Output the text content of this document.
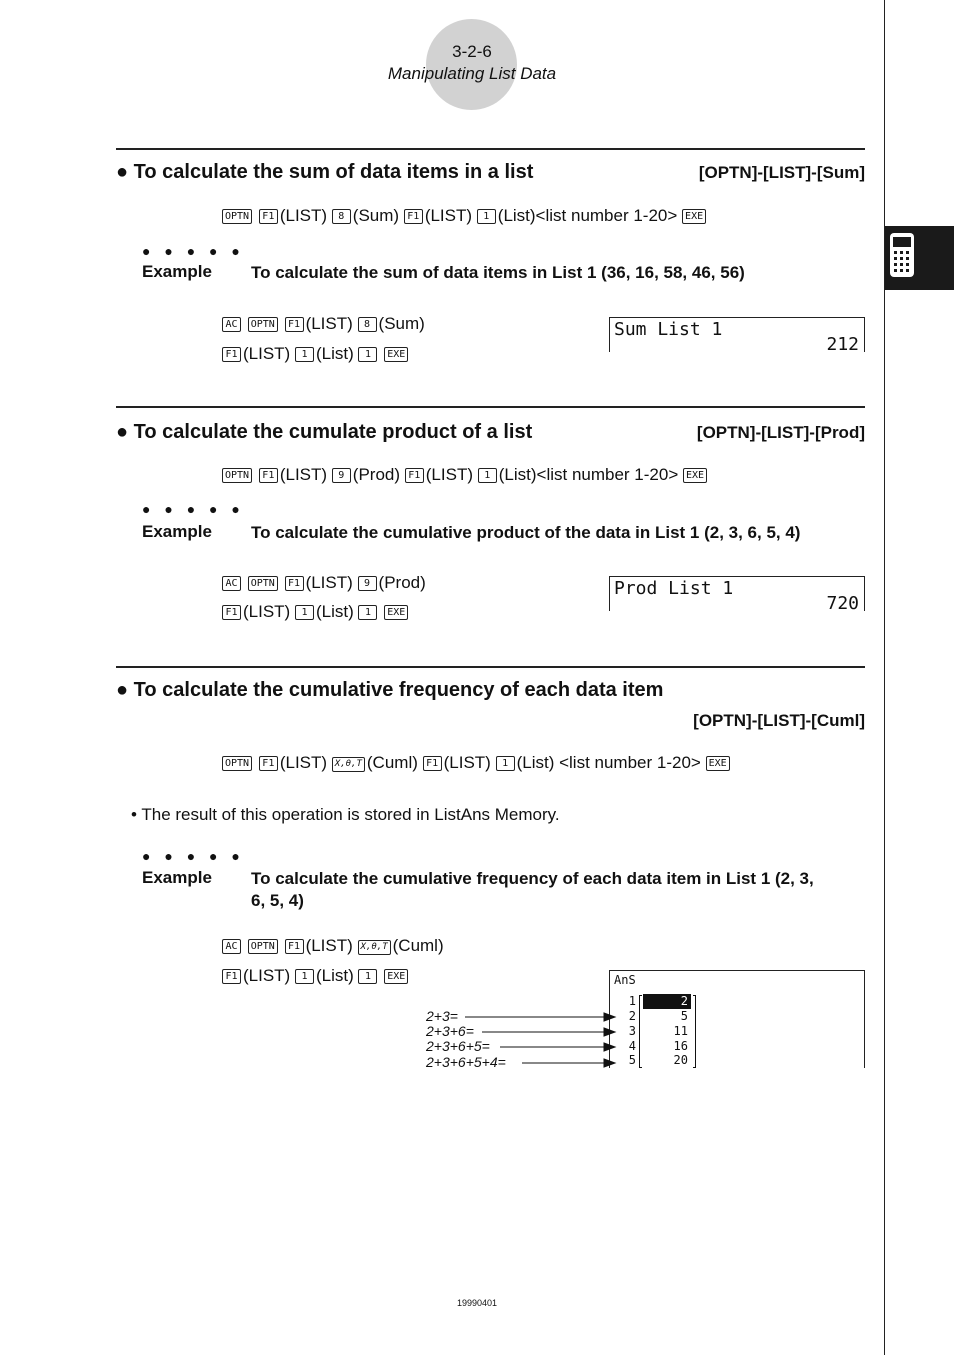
3-2-6
Manipulating List Data
● To calculate the sum of data items in a list	[OPTN]-[LIST]-[Sum]
OPTN F1 (LIST) 8 (Sum) F1 (LIST) 1 (List)<list number 1-20> EXE
● ● ● ● ●
Example To calculate the sum of data items in List 1 (36, 16, 58, 46, 56)
AC OPTN F1 (LIST) 8 (Sum)
F1 (LIST) 1 (List) 1 EXE
Sum List 1
212
● To calculate the cumulate product of a list	[OPTN]-[LIST]-[Prod]
OPTN F1 (LIST) 9 (Prod) F1 (LIST) 1 (List)<list number 1-20> EXE
● ● ● ● ●
Example To calculate the cumulative product of the data in List 1 (2, 3, 6, 5, 4)
AC OPTN F1 (LIST) 9 (Prod)
F1 (LIST) 1 (List) 1 EXE
Prod List 1
720
● To calculate the cumulative frequency of each data item
[OPTN]-[LIST]-[Cuml]
OPTN F1 (LIST) X,θ,T (Cuml) F1 (LIST) 1 (List) <list number 1-20> EXE
• The result of this operation is stored in ListAns Memory.
● ● ● ● ●
Example To calculate the cumulative frequency of each data item in List 1 (2, 3, 6, 5, 4)
AC OPTN F1 (LIST) X,θ,T (Cuml)
F1 (LIST) 1 (List) 1 EXE	AnS
1	2
2	5
3	11
4	16
5	20
2+3=
2+3+6=
2+3+6+5=
2+3+6+5+4=
19990401
